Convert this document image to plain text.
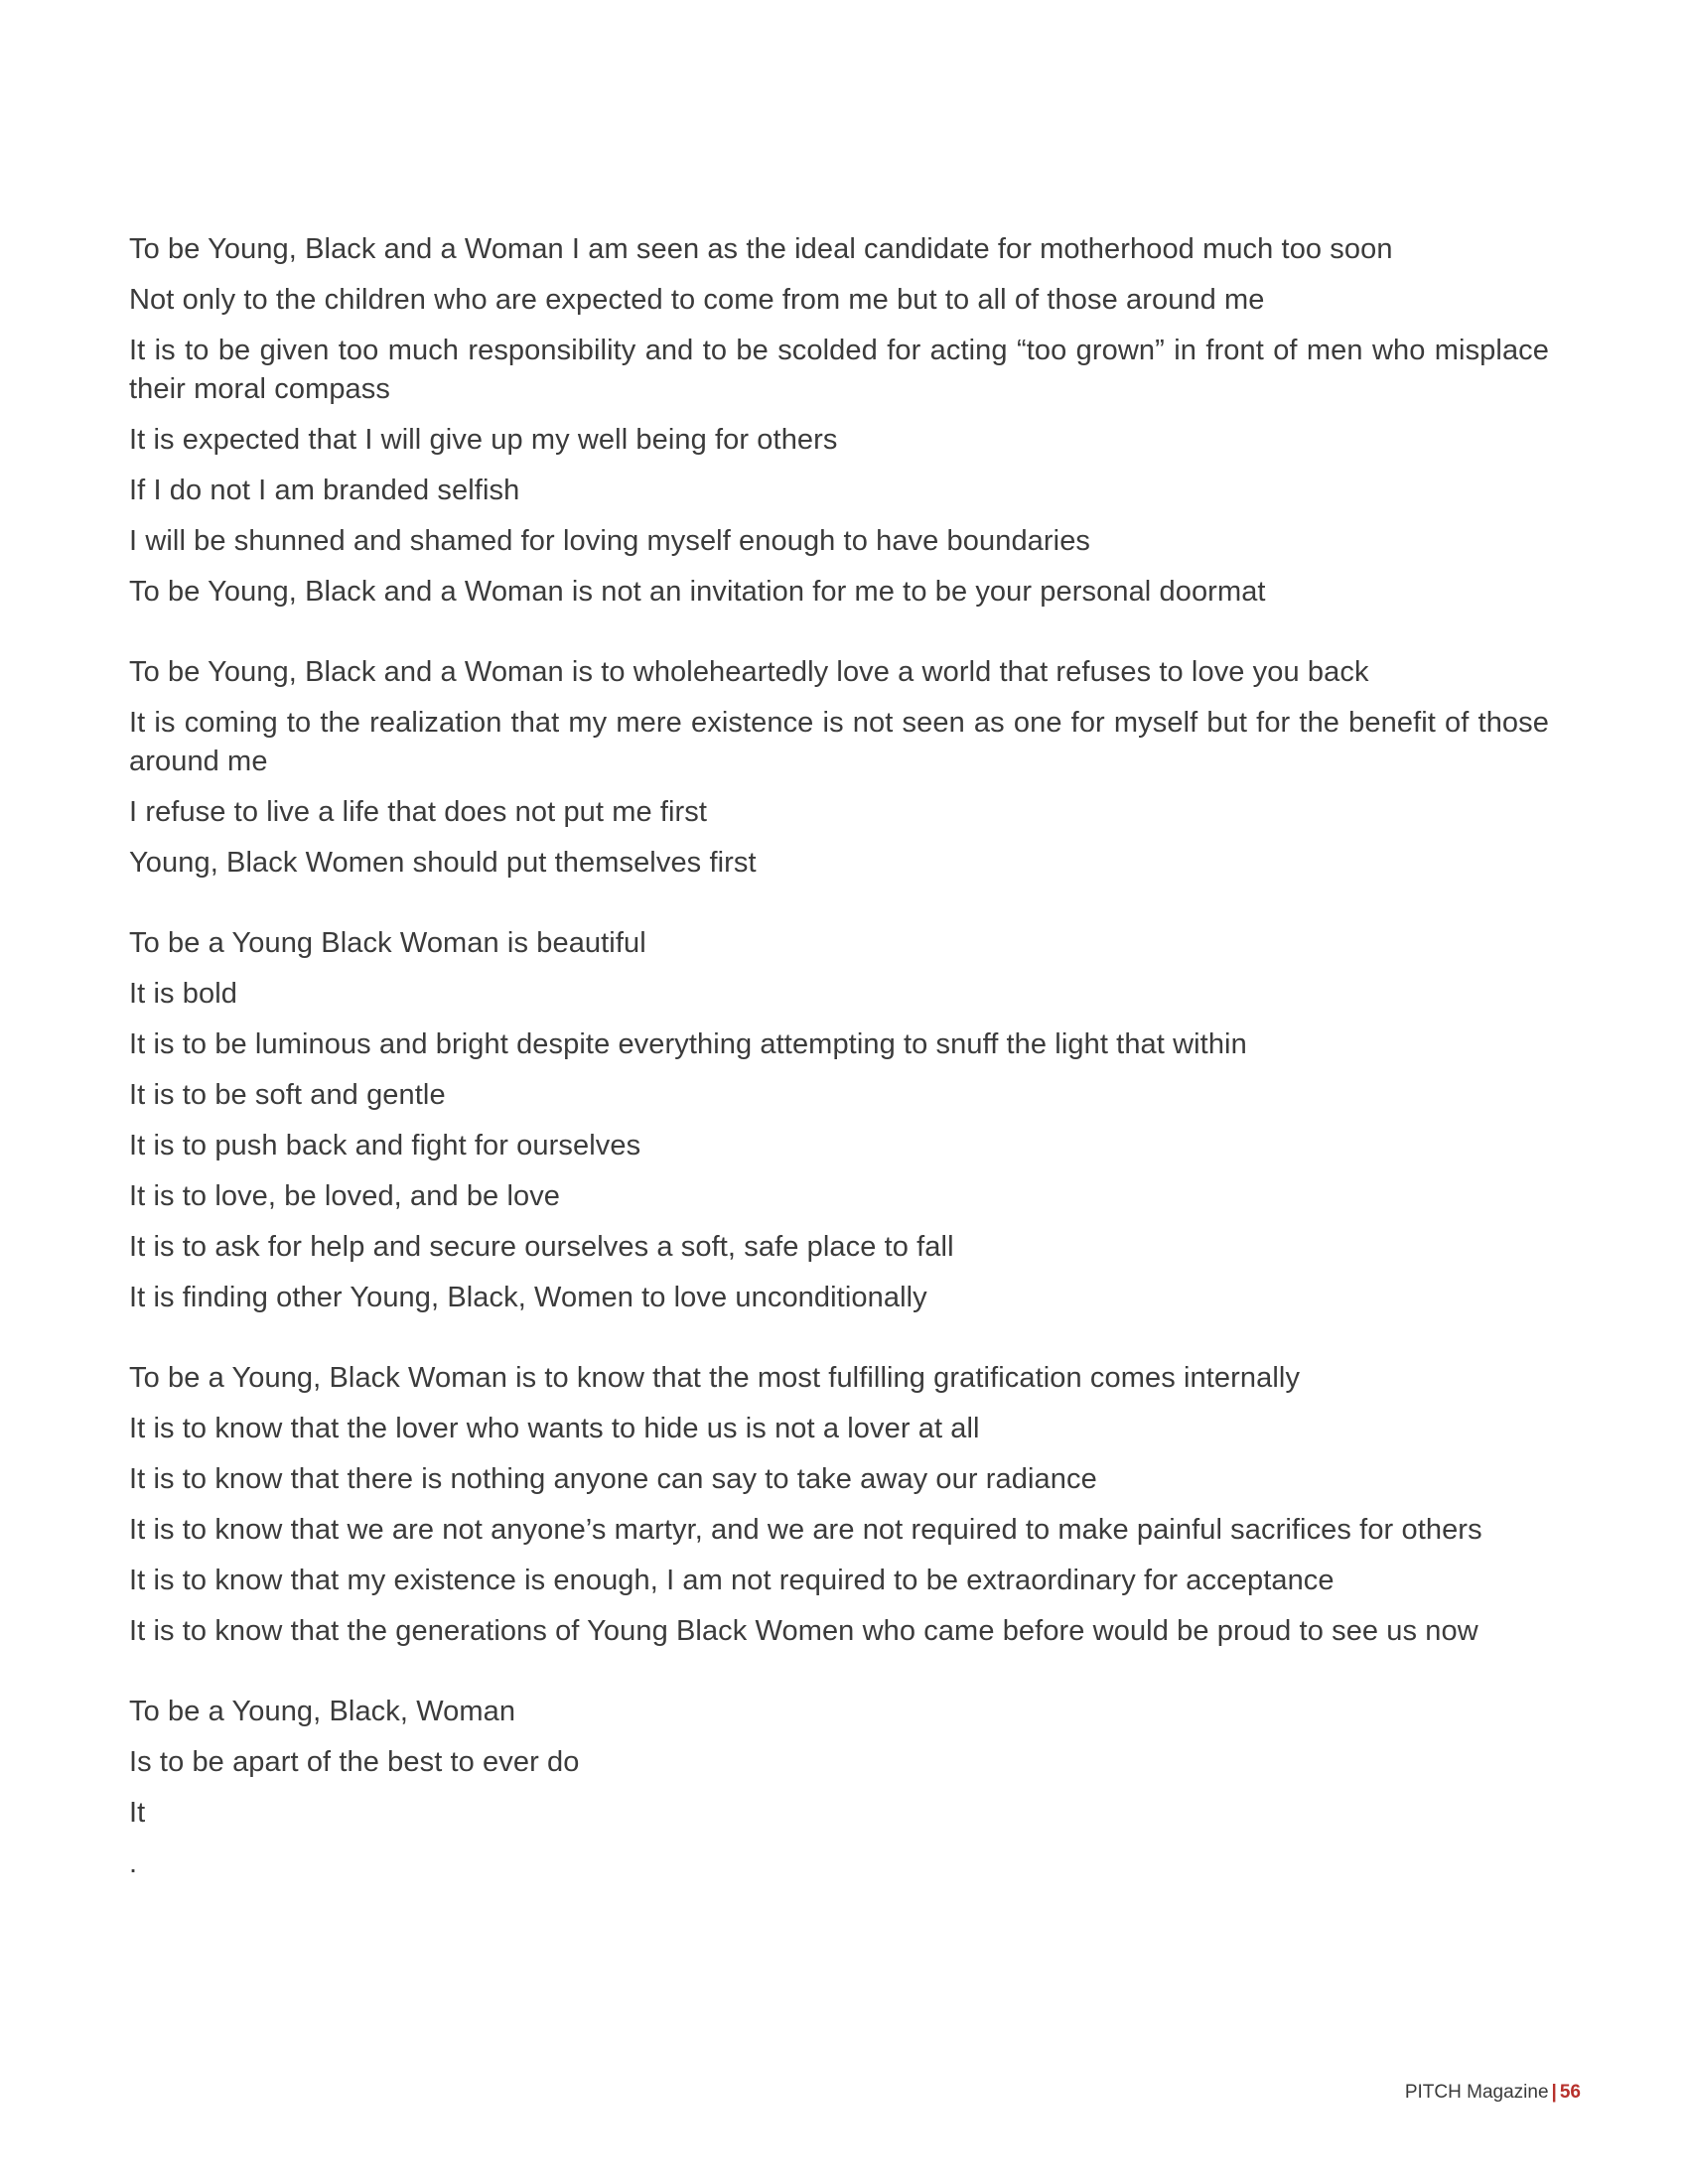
To be Young, Black and a Woman I am seen as the ideal candidate for motherhood much too soon
Not only to the children who are expected to come from me but to all of those around me
It is to be given too much responsibility and to be scolded for acting “too grown” in front of men who misplace their moral compass
It is expected that I will give up my well being for others
If I do not I am branded selfish
I will be shunned and shamed for loving myself enough to have boundaries
To be Young, Black and a Woman is not an invitation for me to be your personal doormat
To be Young, Black and a Woman is to wholeheartedly love a world that refuses to love you back
It is coming to the realization that my mere existence is not seen as one for myself but for the benefit of those around me
I refuse to live a life that does not put me first
Young, Black Women should put themselves first
To be a Young Black Woman is beautiful
It is bold
It is to be luminous and bright despite everything attempting to snuff the light that within
It is to be soft and gentle
It is to push back and fight for ourselves
It is to love, be loved, and be love
It is to ask for help and secure ourselves a soft, safe place to fall
It is finding other Young, Black, Women to love unconditionally
To be a Young, Black Woman is to know that the most fulfilling gratification comes internally
It is to know that the lover who wants to hide us is not a lover at all
It is to know that there is nothing anyone can say to take away our radiance
It is to know that we are not anyone’s martyr, and we are not required to make painful sacrifices for others
It is to know that my existence is enough, I am not required to be extraordinary for acceptance
It is to know that the generations of Young Black Women who came before would be proud to see us now
To be a Young, Black, Woman
Is to be apart of the best to ever do
It
.
PITCH Magazine | 56
